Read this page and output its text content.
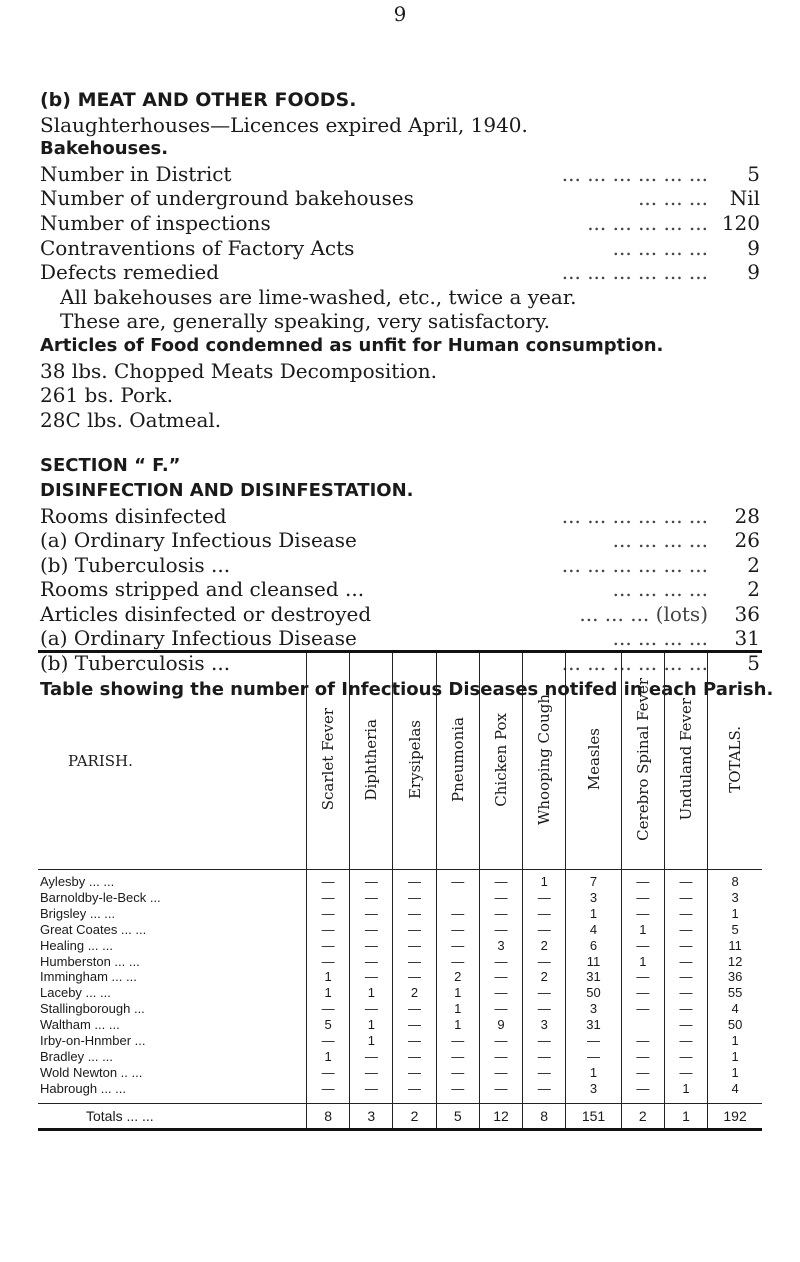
9
(b) MEAT AND OTHER FOODS.
Slaughterhouses—Licences expired April, 1940.
Bakehouses.
Number in District	... ... ... ... ... ... 5
Number of underground bakehouses	... ... ... Nil
Number of inspections	... ... ... ... ... 120
Contraventions of Factory Acts	... ... ... ... 9
Defects remedied	... ... ... ... ... ... 9
All bakehouses are lime-washed, etc., twice a year.
These are, generally speaking, very satisfactory.
Articles of Food condemned as unfit for Human consumption.
38 lbs. Chopped Meats Decomposition.
261 bs. Pork.
28C lbs. Oatmeal.
SECTION “ F.”
DISINFECTION AND DISINFESTATION.
Rooms disinfected	... ... ... ... ... ... 28
(a) Ordinary Infectious Disease	... ... ... ... 26
(b) Tuberculosis ...	... ... ... ... ... ... 2
Rooms stripped and cleansed ...	... ... ... ... 2
Articles disinfected or destroyed	... ... ... (lots) 36
(a) Ordinary Infectious Disease	... ... ... ... 31
(b) Tuberculosis ...	... ... ... ... ... ... 5
Table showing the number of Infectious Diseases notifed in each Parish.
PARISH.	Scarlet Fever	Diphtheria	Erysipelas	Pneumonia	Chicken Pox	Whooping Cough	Measles	Cerebro Spinal Fever	Unduland Fever	TOTALS.
Aylesby ... ...	—	—	—	—	—	1	7	—	—	8
Barnoldby-le-Beck ...	—	—	—		—	—	3	—	—	3
Brigsley ... ...	—	—	—	—	—	—	1	—	—	1
Great Coates ... ...	—	—	—	—	—	—	4	1	—	5
Healing ... ...	—	—	—	—	3	2	6	—	—	11
Humberston ... ...	—	—	—	—	—	—	11	1	—	12
Immingham ... ...	1	—	—	2	—	2	31	—	—	36
Laceby ... ...	1	1	2	1	—	—	50	—	—	55
Stallingborough ...	—	—	—	1	—	—	3	—	—	4
Waltham ... ...	5	1	—	1	9	3	31		—	50
Irby-on-Hnmber ...	—	1	—	—	—	—	—	—	—	1
Bradley ... ...	1	—	—	—	—	—	—	—	—	1
Wold Newton .. ...	—	—	—	—	—	—	1	—	—	1
Habrough ... ...	—	—	—	—	—	—	3	—	1	4
Totals ... ...	8	3	2	5	12	8	151	2	1	192
